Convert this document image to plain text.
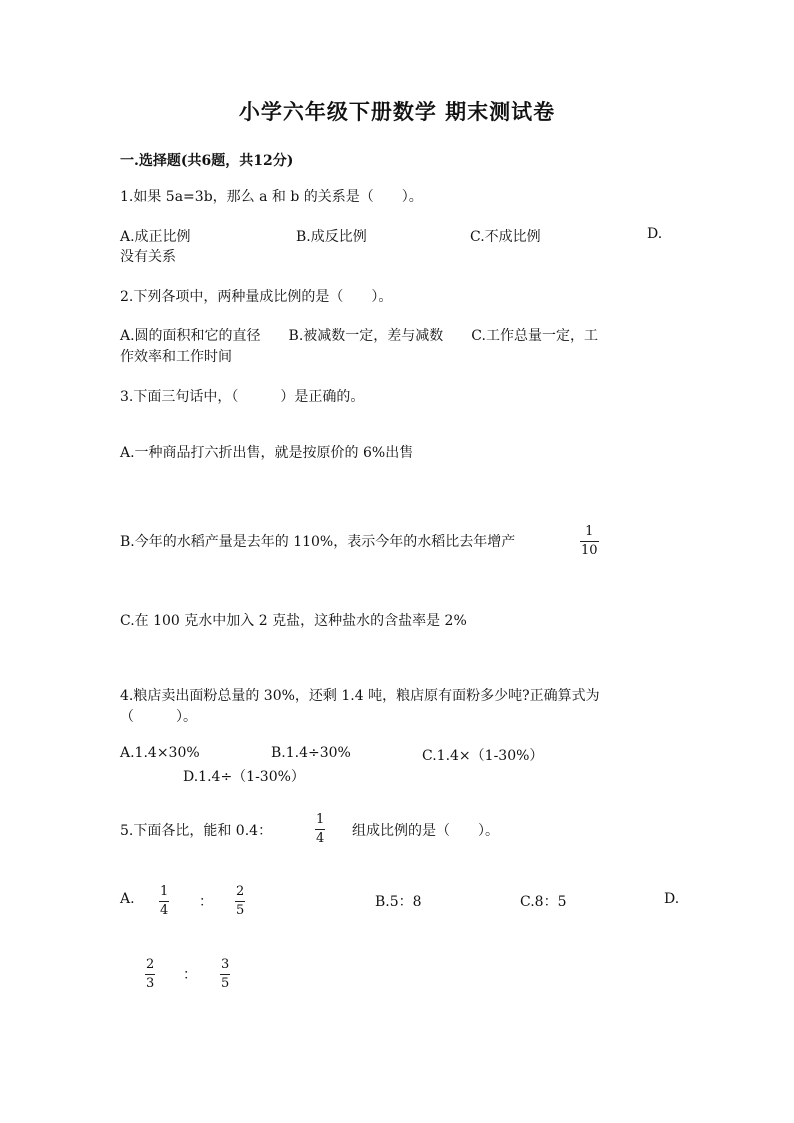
小学六年级下册数学 期末测试卷
一.选择题(共6题，共12分)
1.如果 5a=3b，那么 a 和 b 的关系是（　　）。
A.成正比例	B.成反比例	C.不成比例	D.
没有关系
2.下列各项中，两种量成比例的是（　　）。
A.圆的面积和它的直径　　B.被减数一定，差与减数　　C.工作总量一定，工
作效率和工作时间
3.下面三句话中，（　　　）是正确的。
A.一种商品打六折出售，就是按原价的 6%出售
B.今年的水稻产量是去年的 110%，表示今年的水稻比去年增产
1
10
C.在 100 克水中加入 2 克盐，这种盐水的含盐率是 2%
4.粮店卖出面粉总量的 30%，还剩 1.4 吨，粮店原有面粉多少吨?正确算式为
（　　　）。
A.1.4×30%	B.1.4÷30%	C.1.4×（1-30%）
D.1.4÷（1-30%）
5.下面各比，能和 0.4：
1
4 组成比例的是（　　）。
A. 1
4
：
2
5
B.5：8	C.8：5	D.
2
3
：
3
5
